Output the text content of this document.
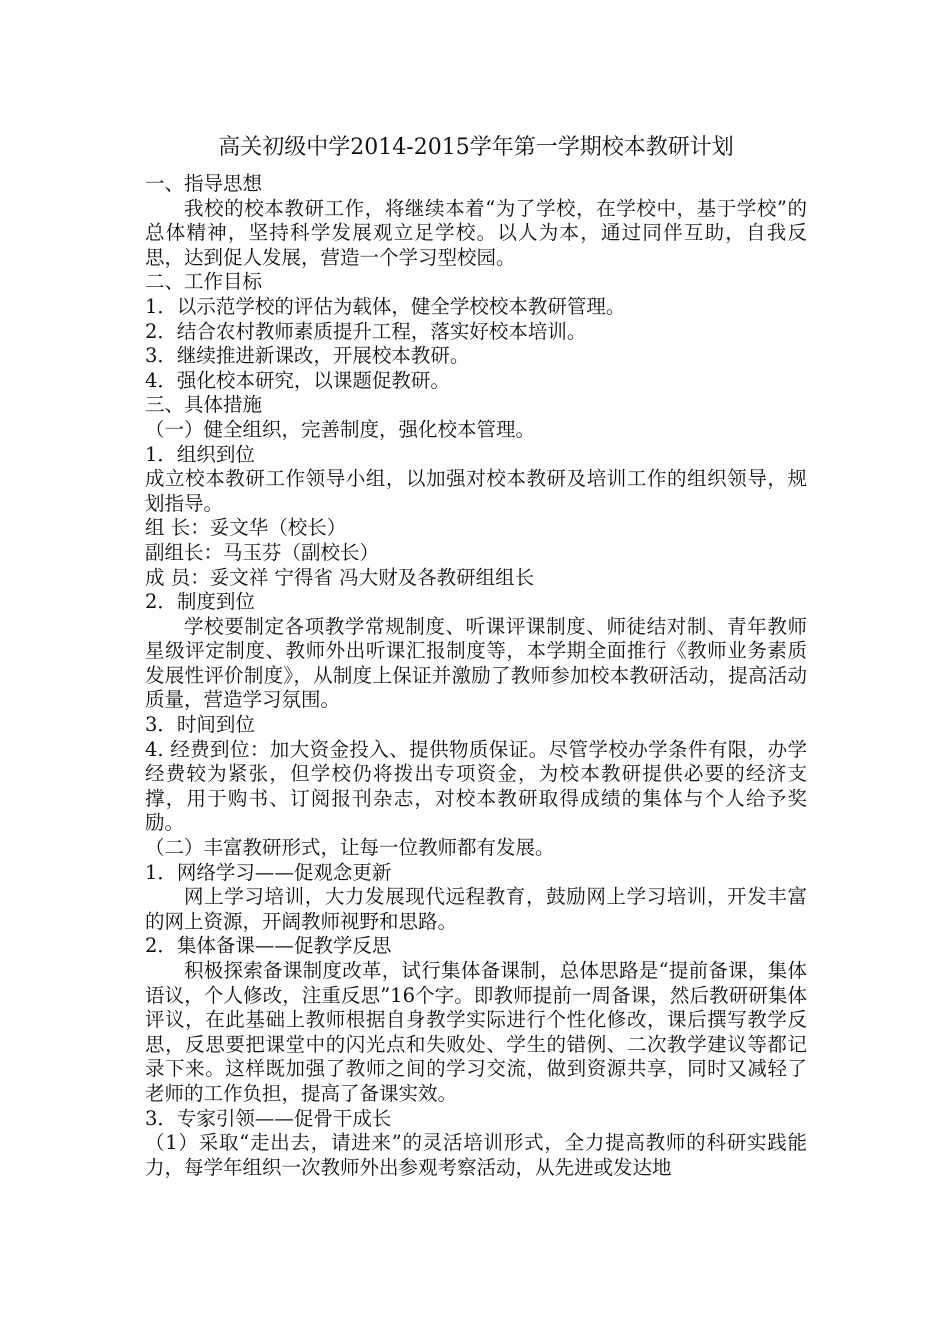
高关初级中学2014-2015学年第一学期校本教研计划
一、指导思想
我校的校本教研工作，将继续本着“为了学校，在学校中，基于学校”的总体精神，坚持科学发展观立足学校。以人为本，通过同伴互助，自我反思，达到促人发展，营造一个学习型校园。
二、工作目标
1．以示范学校的评估为载体，健全学校校本教研管理。
2．结合农村教师素质提升工程，落实好校本培训。
3．继续推进新课改，开展校本教研。
4．强化校本研究，以课题促教研。
三、具体措施
（一）健全组织，完善制度，强化校本管理。
1．组织到位
成立校本教研工作领导小组，以加强对校本教研及培训工作的组织领导，规划指导。
组 长：妥文华（校长）
副组长：马玉芬（副校长）
成 员：妥文祥 宁得省 冯大财及各教研组组长
2．制度到位
学校要制定各项教学常规制度、听课评课制度、师徒结对制、青年教师星级评定制度、教师外出听课汇报制度等，本学期全面推行《教师业务素质发展性评价制度》，从制度上保证并激励了教师参加校本教研活动，提高活动质量，营造学习氛围。
3．时间到位
4. 经费到位：加大资金投入、提供物质保证。尽管学校办学条件有限，办学经费较为紧张，但学校仍将拨出专项资金，为校本教研提供必要的经济支撑，用于购书、订阅报刊杂志，对校本教研取得成绩的集体与个人给予奖励。
（二）丰富教研形式，让每一位教师都有发展。
1．网络学习——促观念更新
网上学习培训，大力发展现代远程教育，鼓励网上学习培训，开发丰富的网上资源，开阔教师视野和思路。
2．集体备课——促教学反思
积极探索备课制度改革，试行集体备课制，总体思路是“提前备课，集体语议，个人修改，注重反思”16个字。即教师提前一周备课，然后教研研集体评议，在此基础上教师根据自身教学实际进行个性化修改，课后撰写教学反思，反思要把课堂中的闪光点和失败处、学生的错例、二次教学建议等都记录下来。这样既加强了教师之间的学习交流，做到资源共享，同时又减轻了老师的工作负担，提高了备课实效。
3．专家引领——促骨干成长
（1）采取“走出去，请进来”的灵活培训形式，全力提高教师的科研实践能力，每学年组织一次教师外出参观考察活动，从先进或发达地
